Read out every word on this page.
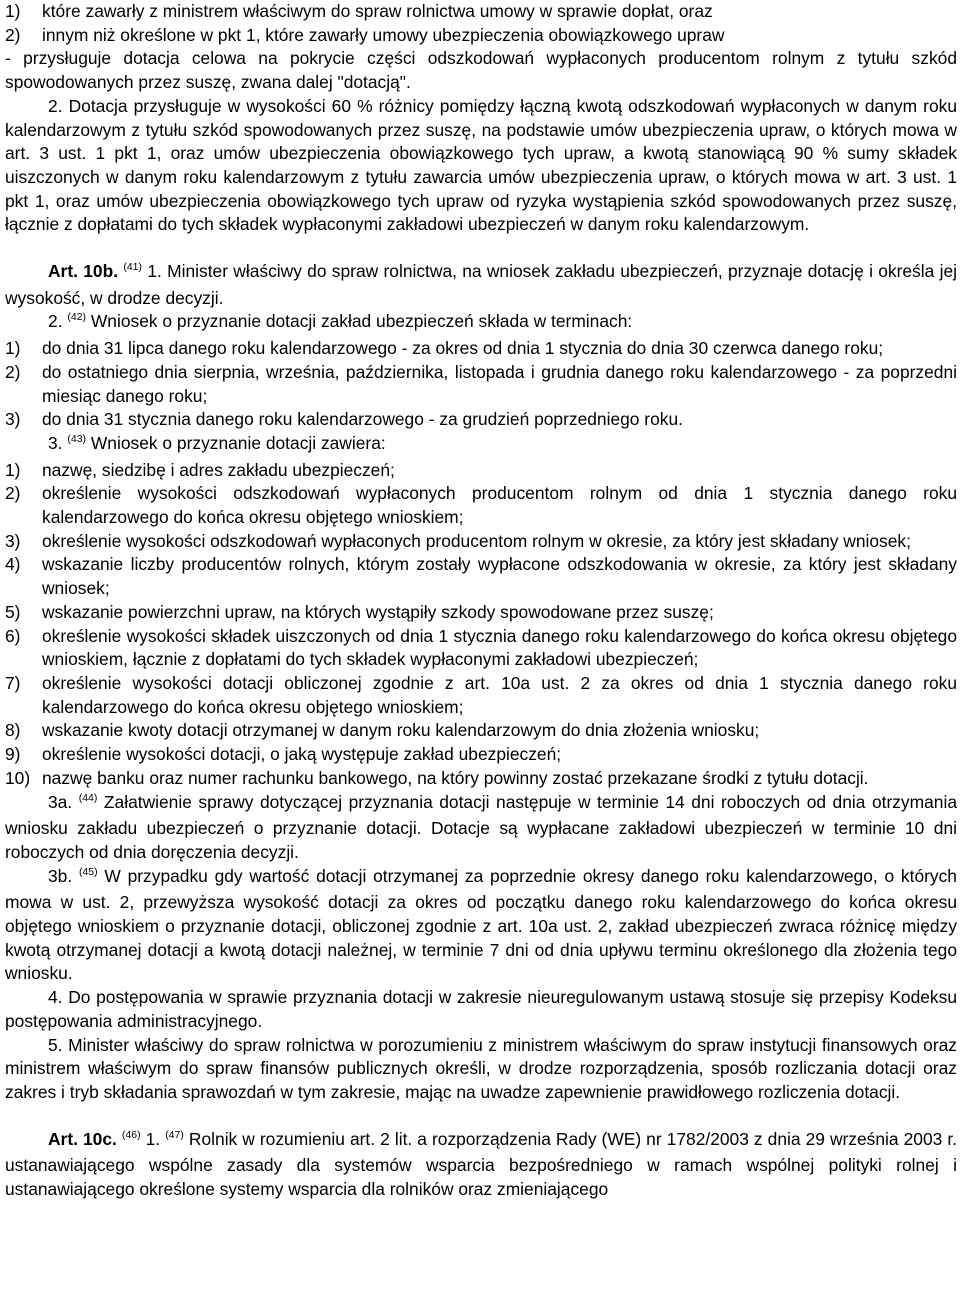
1)	które zawarły z ministrem właściwym do spraw rolnictwa umowy w sprawie dopłat, oraz
2)	innym niż określone w pkt 1, które zawarły umowy ubezpieczenia obowiązkowego upraw

- przysługuje dotacja celowa na pokrycie części odszkodowań wypłaconych producentom rolnym z tytułu szkód spowodowanych przez suszę, zwana dalej "dotacją".

2. Dotacja przysługuje w wysokości 60 % różnicy pomiędzy łączną kwotą odszkodowań wypłaconych w danym roku kalendarzowym z tytułu szkód spowodowanych przez suszę, na podstawie umów ubezpieczenia upraw, o których mowa w art. 3 ust. 1 pkt 1, oraz umów ubezpieczenia obowiązkowego tych upraw, a kwotą stanowiącą 90 % sumy składek uiszczonych w danym roku kalendarzowym z tytułu zawarcia umów ubezpieczenia upraw, o których mowa w art. 3 ust. 1 pkt 1, oraz umów ubezpieczenia obowiązkowego tych upraw od ryzyka wystąpienia szkód spowodowanych przez suszę, łącznie z dopłatami do tych składek wypłaconymi zakładowi ubezpieczeń w danym roku kalendarzowym.

Art. 10b. $^{(41)}$ 1. Minister właściwy do spraw rolnictwa, na wniosek zakładu ubezpieczeń, przyznaje dotację i określa jej wysokość, w drodze decyzji.

2. $^{(42)}$ Wniosek o przyznanie dotacji zakład ubezpieczeń składa w terminach:

1)	do dnia 31 lipca danego roku kalendarzowego - za okres od dnia 1 stycznia do dnia 30 czerwca danego roku;
2)	do ostatniego dnia sierpnia, września, października, listopada i grudnia danego roku kalendarzowego - za poprzedni miesiąc danego roku;
3)	do dnia 31 stycznia danego roku kalendarzowego - za grudzień poprzedniego roku.

3. $^{(43)}$ Wniosek o przyznanie dotacji zawiera:

1)	nazwę, siedzibę i adres zakładu ubezpieczeń;
2)	określenie wysokości odszkodowań wypłaconych producentom rolnym od dnia 1 stycznia danego roku kalendarzowego do końca okresu objętego wnioskiem;
3)	określenie wysokości odszkodowań wypłaconych producentom rolnym w okresie, za który jest składany wniosek;
4)	wskazanie liczby producentów rolnych, którym zostały wypłacone odszkodowania w okresie, za który jest składany wniosek;
5)	wskazanie powierzchni upraw, na których wystąpiły szkody spowodowane przez suszę;
6)	określenie wysokości składek uiszczonych od dnia 1 stycznia danego roku kalendarzowego do końca okresu objętego wnioskiem, łącznie z dopłatami do tych składek wypłaconymi zakładowi ubezpieczeń;
7)	określenie wysokości dotacji obliczonej zgodnie z art. 10a ust. 2 za okres od dnia 1 stycznia danego roku kalendarzowego do końca okresu objętego wnioskiem;
8)	wskazanie kwoty dotacji otrzymanej w danym roku kalendarzowym do dnia złożenia wniosku;
9)	określenie wysokości dotacji, o jaką występuje zakład ubezpieczeń;
10) nazwę banku oraz numer rachunku bankowego, na który powinny zostać przekazane środki z tytułu dotacji.

3a. $^{(44)}$ Załatwienie sprawy dotyczącej przyznania dotacji następuje w terminie 14 dni roboczych od dnia otrzymania wniosku zakładu ubezpieczeń o przyznanie dotacji. Dotacje są wypłacane zakładowi ubezpieczeń w terminie 10 dni roboczych od dnia doręczenia decyzji.

3b. $^{(45)}$ W przypadku gdy wartość dotacji otrzymanej za poprzednie okresy danego roku kalendarzowego, o których mowa w ust. 2, przewyższa wysokość dotacji za okres od początku danego roku kalendarzowego do końca okresu objętego wnioskiem o przyznanie dotacji, obliczonej zgodnie z art. 10a ust. 2, zakład ubezpieczeń zwraca różnicę między kwotą otrzymanej dotacji a kwotą dotacji należnej, w terminie 7 dni od dnia upływu terminu określonego dla złożenia tego wniosku.

4. Do postępowania w sprawie przyznania dotacji w zakresie nieuregulowanym ustawą stosuje się przepisy Kodeksu postępowania administracyjnego.

5. Minister właściwy do spraw rolnictwa w porozumieniu z ministrem właściwym do spraw instytucji finansowych oraz ministrem właściwym do spraw finansów publicznych określi, w drodze rozporządzenia, sposób rozliczania dotacji oraz zakres i tryb składania sprawozdań w tym zakresie, mając na uwadze zapewnienie prawidłowego rozliczenia dotacji.

Art. 10c. $^{(46)}$ 1. $^{(47)}$ Rolnik w rozumieniu art. 2 lit. a rozporządzenia Rady (WE) nr 1782/2003 z dnia 29 września 2003 r. ustanawiającego wspólne zasady dla systemów wsparcia bezpośredniego w ramach wspólnej polityki rolnej i ustanawiającego określone systemy wsparcia dla rolników oraz zmieniającego
